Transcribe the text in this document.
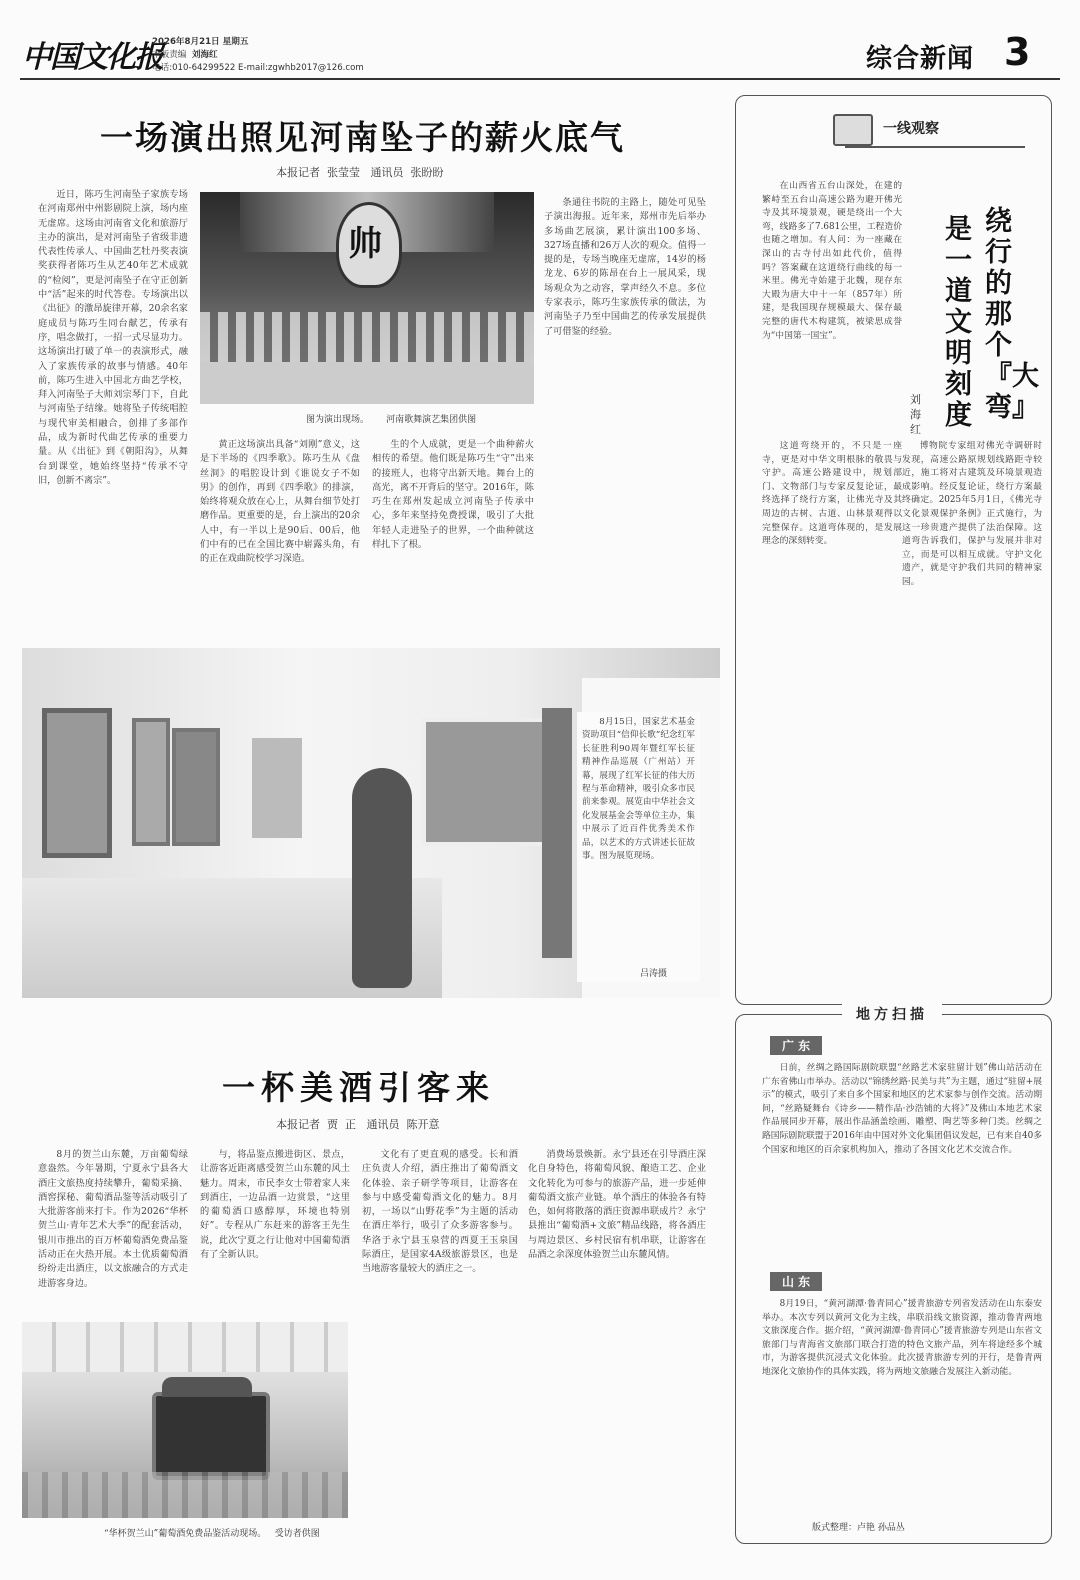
中国文化报
2026年8月21日 星期五
本版责编 刘海红
电话:010-64299522 E-mail:zgwhb2017@126.com	综合新闻 3
一场演出照见河南坠子的薪火底气
本报记者  张莹莹   通讯员  张盼盼
近日，陈巧生河南坠子家族专场在河南郑州中州影剧院上演，场内座无虚席。这场由河南省文化和旅游厅主办的演出，是对河南坠子省级非遗代表性传承人、中国曲艺牡丹奖表演奖获得者陈巧生从艺40年艺术成就的“检阅”，更是河南坠子在守正创新中“活”起来的时代答卷。专场演出以《出征》的激昂旋律开幕，20余名家庭成员与陈巧生同台献艺，传承有序，唱念做打，一招一式尽显功力。这场演出打破了单一的表演形式，融入了家族传承的故事与情感。40年前，陈巧生进入中国北方曲艺学校，拜入河南坠子大师刘宗琴门下，自此与河南坠子结缘。她将坠子传统唱腔与现代审美相融合，创排了多部作品，成为新时代曲艺传承的重要力量。从《出征》到《朝阳沟》，从舞台到课堂，她始终坚持“传承不守旧，创新不离宗”。
帅
图为演出现场。      河南歌舞演艺集团供图
黄正这场演出具备“刘刚”意义，这是下半场的《四季歌》。陈巧生从《盘丝洞》的唱腔设计到《谁说女子不如男》的创作，再到《四季歌》的排演，始终将观众放在心上，从舞台细节处打磨作品。更重要的是，台上演出的20余人中，有一半以上是90后、00后，他们中有的已在全国比赛中崭露头角，有的正在戏曲院校学习深造。
生的个人成就，更是一个曲种薪火相传的希望。他们既是陈巧生“守”出来的接班人，也将守出新天地。舞台上的高光，离不开背后的坚守。2016年，陈巧生在郑州发起成立河南坠子传承中心，多年来坚持免费授课，吸引了大批年轻人走进坠子的世界，一个曲种就这样扎下了根。
条通往书院的主路上，随处可见坠子演出海报。近年来，郑州市先后举办多场曲艺展演，累计演出100多场、327场直播和26万人次的观众。值得一提的是，专场当晚座无虚席，14岁的杨龙龙、6岁的陈昂在台上一展风采，现场观众为之动容，掌声经久不息。多位专家表示，陈巧生家族传承的做法，为河南坠子乃至中国曲艺的传承发展提供了可借鉴的经验。
一线观察
绕行的那个『大弯』
是一道文明刻度
刘海红
在山西省五台山深处，在建的繁峙至五台山高速公路为避开佛光寺及其环境景观，硬是绕出一个大弯，线路多了7.681公里，工程造价也随之增加。有人问：为一座藏在深山的古寺付出如此代价，值得吗？答案藏在这道绕行曲线的每一米里。佛光寺始建于北魏，现存东大殿为唐大中十一年（857年）所建，是我国现存规模最大、保存最完整的唐代木构建筑，被梁思成誉为“中国第一国宝”。
这道弯绕开的，不只是一座寺，更是对中华文明根脉的敬畏与守护。高速公路建设中，规划部门、文物部门与专家反复论证，最终选择了绕行方案，让佛光寺及其周边的古树、古道、山林景观得以完整保存。这道弯体现的，是发展理念的深刻转变。
博物院专家组对佛光寺调研时发现，高速公路原规划线路距寺较近，施工将对古建筑及环境景观造成影响。经反复论证，绕行方案最终确定。2025年5月1日，《佛光寺文化景观保护条例》正式施行，为这一珍贵遗产提供了法治保障。这道弯告诉我们，保护与发展并非对立，而是可以相互成就。守护文化遗产，就是守护我们共同的精神家园。
8月15日，国家艺术基金资助项目“信仰长歌”纪念红军长征胜利90周年暨红军长征精神作品巡展（广州站）开幕，展现了红军长征的伟大历程与革命精神，吸引众多市民前来参观。展览由中华社会文化发展基金会等单位主办，集中展示了近百件优秀美术作品，以艺术的方式讲述长征故事。图为展览现场。
吕涛摄
一杯美酒引客来
本报记者  贾  正   通讯员  陈开意
8月的贺兰山东麓，万亩葡萄绿意盎然。今年暑期，宁夏永宁县各大酒庄文旅热度持续攀升，葡萄采摘、酒窖探秘、葡萄酒品鉴等活动吸引了大批游客前来打卡。作为2026“华杯贺兰山·青年艺术大季”的配套活动，银川市推出的百万杯葡萄酒免费品鉴活动正在火热开展。本土优质葡萄酒纷纷走出酒庄，以文旅融合的方式走进游客身边。
与，将品鉴点搬进街区、景点，让游客近距离感受贺兰山东麓的风土魅力。周末，市民李女士带着家人来到酒庄，一边品酒一边赏景，“这里的葡萄酒口感醇厚，环境也特别好”。专程从广东赶来的游客王先生说，此次宁夏之行让他对中国葡萄酒有了全新认识。
文化有了更直观的感受。长和酒庄负责人介绍，酒庄推出了葡萄酒文化体验、亲子研学等项目，让游客在参与中感受葡萄酒文化的魅力。8月初，一场以“山野花季”为主题的活动在酒庄举行，吸引了众多游客参与。华洛于永宁县玉泉营的西夏王玉泉国际酒庄，是国家4A级旅游景区，也是当地游客量较大的酒庄之一。
消费场景焕新。永宁县还在引导酒庄深化自身特色，将葡萄风貌、酿造工艺、企业文化转化为可参与的旅游产品，进一步延伸葡萄酒文旅产业链。单个酒庄的体验各有特色，如何将散落的酒庄资源串联成片？永宁县推出“葡萄酒+文旅”精品线路，将各酒庄与周边景区、乡村民宿有机串联，让游客在品酒之余深度体验贺兰山东麓风情。
“华杯贺兰山”葡萄酒免费品鉴活动现场。   受访者供图
地方扫描
广 东
日前，丝绸之路国际剧院联盟“丝路艺术家驻留计划”佛山站活动在广东省佛山市举办。活动以“锦绣丝路·民美与共”为主题，通过“驻留+展示”的模式，吸引了来自多个国家和地区的艺术家参与创作交流。活动期间，“丝路疑舞台《诗乡——精作品·沙浩铺的大将》”及佛山本地艺术家作品展同步开幕，展出作品涵盖绘画、雕塑、陶艺等多种门类。丝绸之路国际剧院联盟于2016年由中国对外文化集团倡议发起，已有来自40多个国家和地区的百余家机构加入，推动了各国文化艺术交流合作。
山 东
8月19日，“黄河湖潭·鲁青同心”援青旅游专列省发活动在山东泰安举办。本次专列以黄河文化为主线，串联沿线文旅资源，推动鲁青两地文旅深度合作。据介绍，“黄河湖潭·鲁青同心”援青旅游专列是山东省文旅部门与青海省文旅部门联合打造的特色文旅产品，列车将途经多个城市，为游客提供沉浸式文化体验。此次援青旅游专列的开行，是鲁青两地深化文旅协作的具体实践，将为两地文旅融合发展注入新动能。
版式整理：卢艳 孙品丛
